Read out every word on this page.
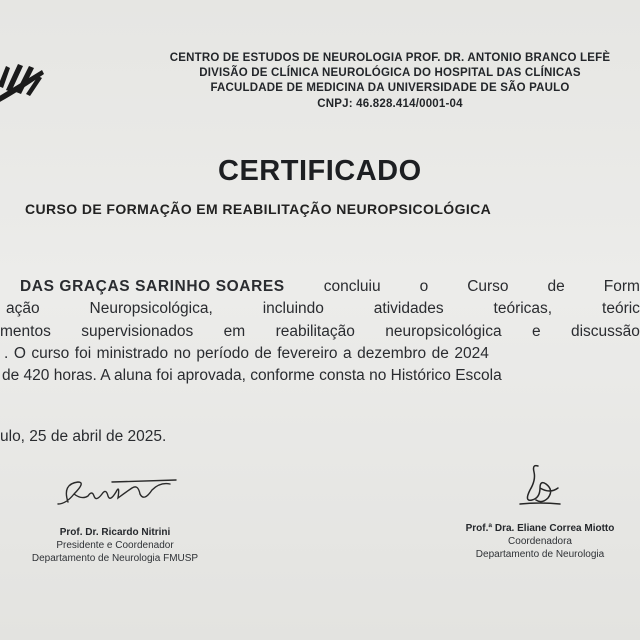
CENTRO DE ESTUDOS DE NEUROLOGIA PROF. DR. ANTONIO BRANCO LEFÈ
DIVISÃO DE CLÍNICA NEUROLÓGICA DO HOSPITAL DAS CLÍNICAS
FACULDADE DE MEDICINA DA UNIVERSIDADE DE SÃO PAULO
CNPJ: 46.828.414/0001-04
CERTIFICADO
CURSO DE FORMAÇÃO EM REABILITAÇÃO NEUROPSICOLÓGICA
DAS GRAÇAS SARINHO SOARES	concluiu	o	Curso	de	Form
ação	Neuropsicológica,	incluindo	atividades	teóricas,	teóric
mentos supervisionados em reabilitação neuropsicológica e discussão
. O curso foi ministrado no período de fevereiro a dezembro de 2024
de 420 horas. A aluna foi aprovada, conforme consta no Histórico Escola
ulo, 25 de abril de 2025.
Prof. Dr. Ricardo Nitrini
Presidente e Coordenador
Departamento de Neurologia FMUSP
Prof.ª Dra. Eliane Correa Miotto
Coordenadora
Departamento de Neurologia
